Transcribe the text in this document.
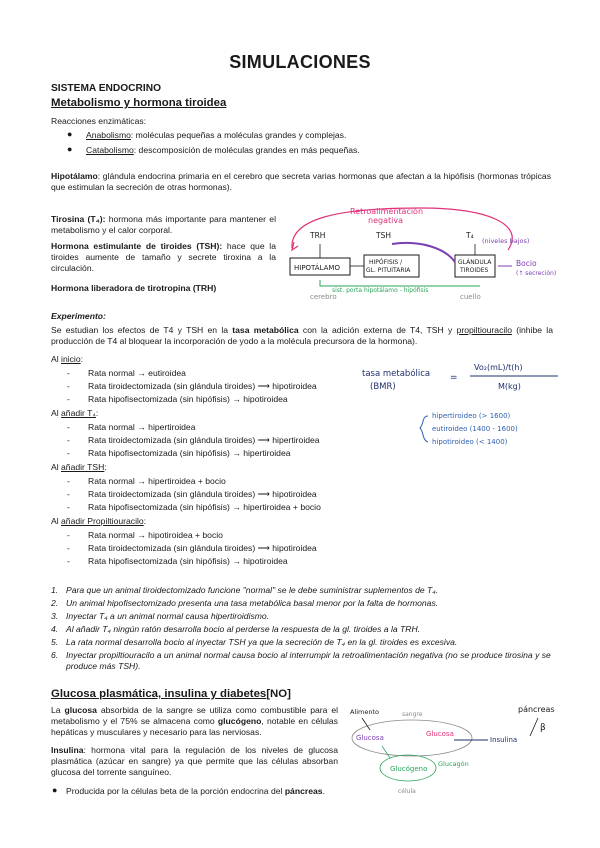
SIMULACIONES
SISTEMA ENDOCRINO
Metabolismo y hormona tiroidea
Reacciones enzimáticas:
● Anabolismo: moléculas pequeñas a moléculas grandes y complejas.
● Catabolismo: descomposición de moléculas grandes en más pequeñas.
Hipotálamo: glándula endocrina primaria en el cerebro que secreta varias hormonas que afectan a la hipófisis (hormonas trópicas que estimulan la secreción de otras hormonas).
Tirosina (T₄): hormona más importante para mantener el metabolismo y el calor corporal.
Hormona estimulante de tiroides (TSH): hace que la tiroides aumente de tamaño y secrete tiroxina a la circulación.
Hormona liberadora de tirotropina (TRH)
Retroalimentación
negativa
TRH	TSH	T₄
(niveles bajos)
HIPOTÁLAMO
HIPÓFISIS /
GL. PITUITARIA
GLÁNDULA
TIROIDES
Bocio
(↑ secreción)
sist. porta hipotálamo - hipófisis
cerebro	cuello
Experimento:
Se estudian los efectos de T4 y TSH en la tasa metabólica con la adición externa de T4, TSH y propiltiouracilo (inhibe la producción de T4 al bloquear la incorporación de yodo a la molécula precursora de la hormona).
Al inicio:
- Rata normal → eutiroidea
- Rata tiroidectomizada (sin glándula tiroides) ⟶ hipotiroidea
- Rata hipofisectomizada (sin hipófisis) → hipotiroidea
Al añadir T₄:
- Rata normal → hipertiroidea
- Rata tiroidectomizada (sin glándula tiroides) ⟶ hipertiroidea
- Rata hipofisectomizada (sin hipófisis) → hipertiroidea
Al añadir TSH:
- Rata normal → hipertiroidea + bocio
- Rata tiroidectomizada (sin glándula tiroides) ⟶ hipotiroidea
- Rata hipofisectomizada (sin hipófisis) → hipertiroidea + bocio
Al añadir Propiltiouracilo:
- Rata normal → hipotiroidea + bocio
- Rata tiroidectomizada (sin glándula tiroides) ⟶ hipotiroidea
- Rata hipofisectomizada (sin hipófisis) → hipotiroidea
tasa metabólica
(BMR)
=
Vo₂(mL)/t(h)
M(kg)
hipertiroideo (> 1600)
eutiroideo (1400 - 1600)
hipotiroideo (< 1400)
1. Para que un animal tiroidectomizado funcione "normal" se le debe suministrar suplementos de T₄.
2. Un animal hipofisectomizado presenta una tasa metabólica basal menor por la falta de hormonas.
3. Inyectar T₄ a un animal normal causa hipertiroidismo.
4. Al añadir T₄ ningún ratón desarrolla bocio al perderse la respuesta de la gl. tiroides a la TRH.
5. La rata normal desarrolla bocio al inyectar TSH ya que la secreción de T₄ en la gl. tiroides es excesiva.
6. Inyectar propiltiouracilo a un animal normal causa bocio al interrumpir la retroalimentación negativa (no se produce tirosina y se produce más TSH).
Glucosa plasmática, insulina y diabetes[NO]
La glucosa absorbida de la sangre se utiliza como combustible para el metabolismo y el 75% se almacena como glucógeno, notable en células hepáticas y musculares y necesario para las nerviosas.
Insulina: hormona vital para la regulación de los niveles de glucosa plasmática (azúcar en sangre) ya que permite que las células absorban glucosa del torrente sanguíneo.
● Producida por la células beta de la porción endocrina del páncreas.
Alimento	sangre
Glucosa	Glucosa
Glucógeno
Glucagón
Insulina
páncreas
β
célula
